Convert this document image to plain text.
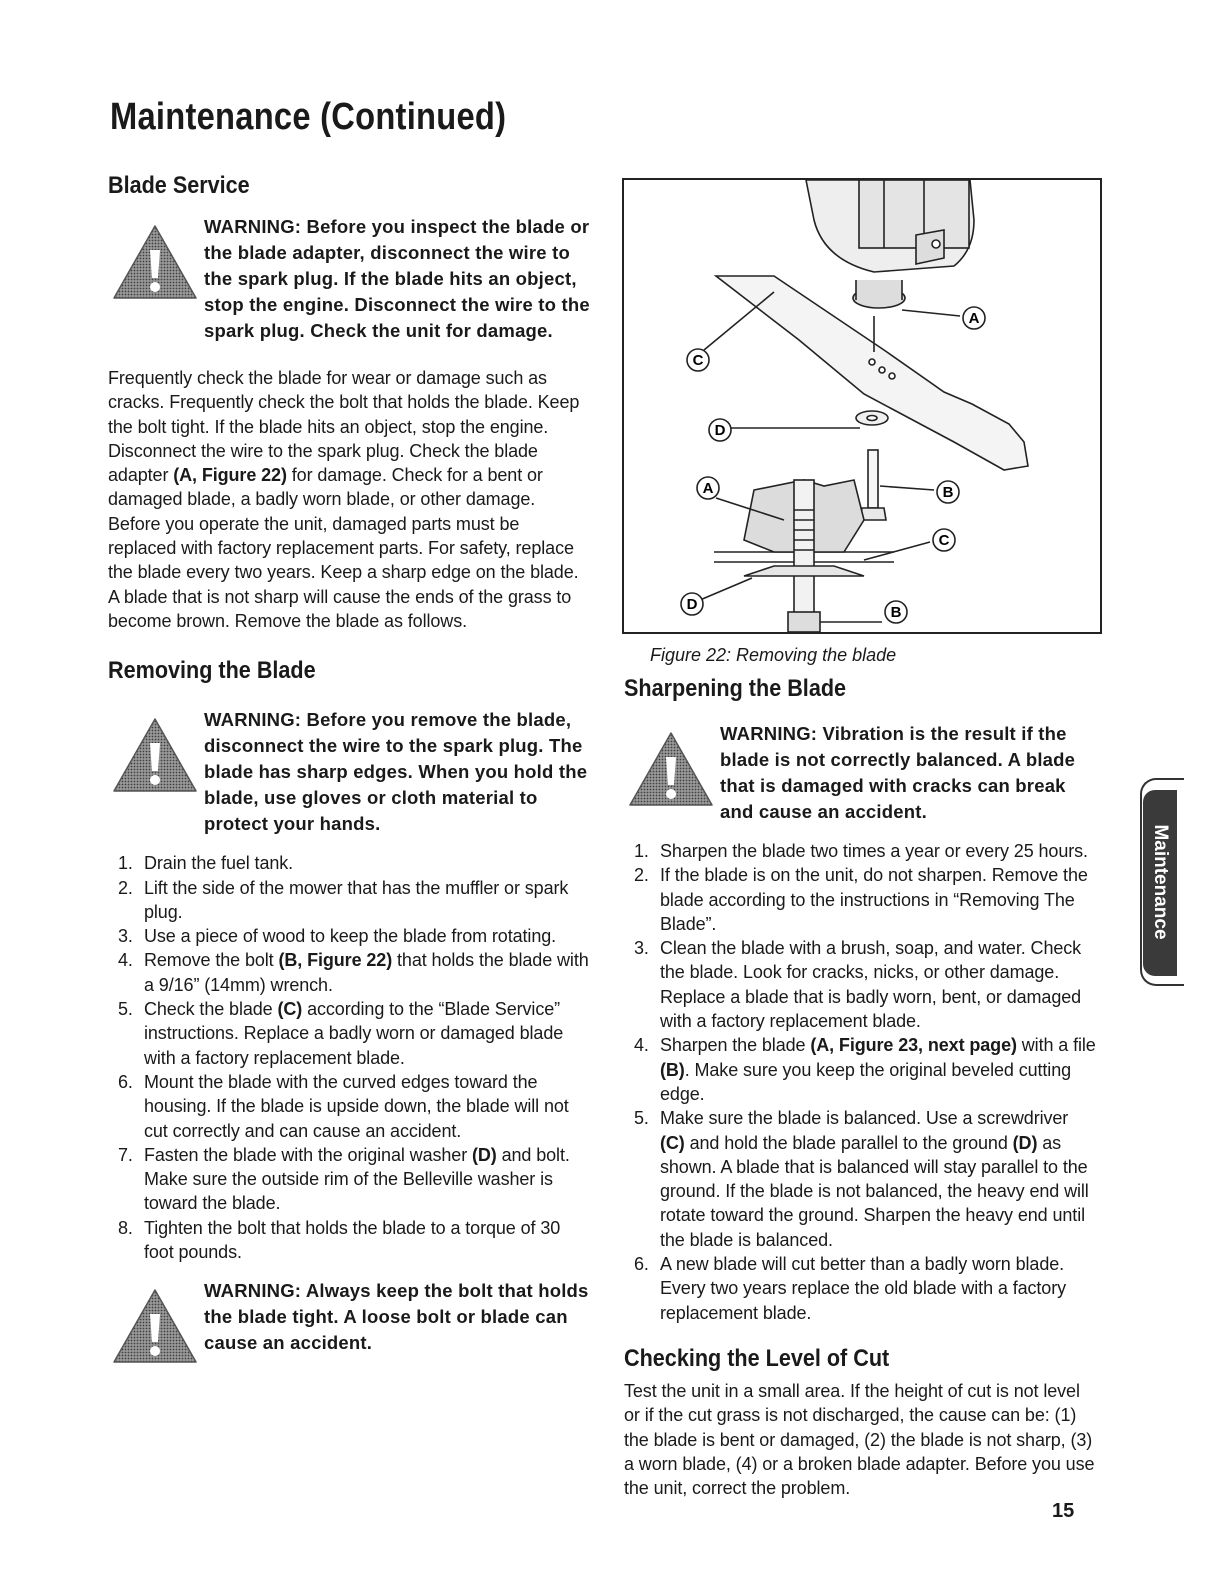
Maintenance (Continued)
Blade Service

WARNING: Before you inspect the blade or the blade adapter, disconnect the wire to the spark plug. If the blade hits an object, stop the engine. Disconnect the wire to the spark plug. Check the unit for damage.

Frequently check the blade for wear or damage such as cracks. Frequently check the bolt that holds the blade. Keep the bolt tight. If the blade hits an object, stop the engine. Disconnect the wire to the spark plug. Check the blade adapter (A, Figure 22) for damage. Check for a bent or damaged blade, a badly worn blade, or other damage. Before you operate the unit, damaged parts must be replaced with factory replacement parts. For safety, replace the blade every two years. Keep a sharp edge on the blade. A blade that is not sharp will cause the ends of the grass to become brown. Remove the blade as follows.

Removing the Blade

WARNING: Before you remove the blade, disconnect the wire to the spark plug. The blade has sharp edges. When you hold the blade, use gloves or cloth material to protect your hands.

1. Drain the fuel tank.
2. Lift the side of the mower that has the muffler or spark plug.
3. Use a piece of wood to keep the blade from rotating.
4. Remove the bolt (B, Figure 22) that holds the blade with a 9/16” (14mm) wrench.
5. Check the blade (C) according to the “Blade Service” instructions. Replace a badly worn or damaged blade with a factory replacement blade.
6. Mount the blade with the curved edges toward the housing. If the blade is upside down, the blade will not cut correctly and can cause an accident.
7. Fasten the blade with the original washer (D) and bolt. Make sure the outside rim of the Belleville washer is toward the blade.
8. Tighten the bolt that holds the blade to a torque of 30 foot pounds.

WARNING: Always keep the bolt that holds the blade tight. A loose bolt or blade can cause an accident.

A
C
D
A	B
C
D	B
Figure 22: Removing the blade
Sharpening the Blade

WARNING: Vibration is the result if the blade is not correctly balanced. A blade that is damaged with cracks can break and cause an accident.

1. Sharpen the blade two times a year or every 25 hours.
2. If the blade is on the unit, do not sharpen. Remove the blade according to the instructions in “Removing The Blade”.
3. Clean the blade with a brush, soap, and water. Check the blade. Look for cracks, nicks, or other damage. Replace a blade that is badly worn, bent, or damaged with a factory replacement blade.
4. Sharpen the blade (A, Figure 23, next page) with a file (B). Make sure you keep the original beveled cutting edge.
5. Make sure the blade is balanced. Use a screwdriver (C) and hold the blade parallel to the ground (D) as shown. A blade that is balanced will stay parallel to the ground. If the blade is not balanced, the heavy end will rotate toward the ground. Sharpen the heavy end until the blade is balanced.
6. A new blade will cut better than a badly worn blade. Every two years replace the old blade with a factory replacement blade.
Checking the Level of Cut

Test the unit in a small area. If the height of cut is not level or if the cut grass is not discharged, the cause can be: (1) the blade is bent or damaged, (2) the blade is not sharp, (3) a worn blade, (4) or a broken blade adapter. Before you use the unit, correct the problem.

Maintenance
15
